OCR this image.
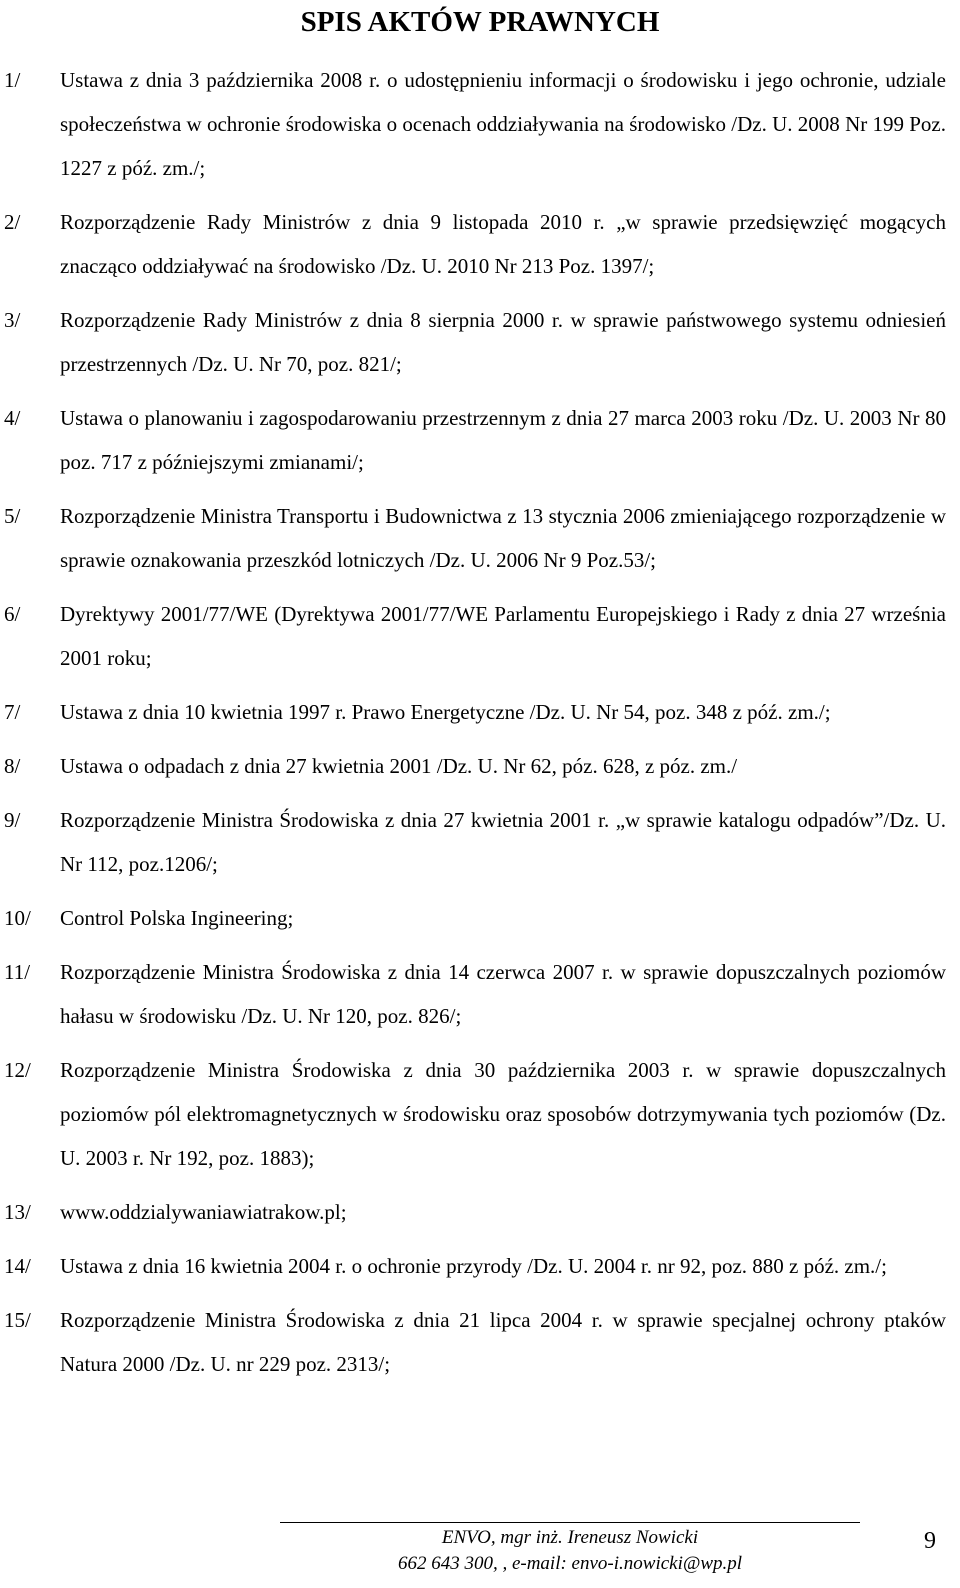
SPIS AKTÓW PRAWNYCH
1/ Ustawa z dnia 3 października 2008 r. o udostępnieniu informacji o środowisku i jego ochronie, udziale społeczeństwa w ochronie środowiska o ocenach oddziaływania na środowisko /Dz. U. 2008 Nr 199 Poz. 1227 z póź. zm./;
2/ Rozporządzenie Rady Ministrów z dnia 9 listopada 2010 r. „w sprawie przedsięwzięć mogących znacząco oddziaływać na środowisko /Dz. U. 2010 Nr 213 Poz. 1397/;
3/ Rozporządzenie Rady Ministrów z dnia 8 sierpnia 2000 r. w sprawie państwowego systemu odniesień przestrzennych /Dz. U. Nr 70, poz. 821/;
4/ Ustawa o planowaniu i zagospodarowaniu przestrzennym z dnia 27 marca 2003 roku /Dz. U. 2003 Nr 80 poz. 717 z późniejszymi zmianami/;
5/ Rozporządzenie Ministra Transportu i Budownictwa z 13 stycznia 2006 zmieniającego rozporządzenie w sprawie oznakowania przeszkód lotniczych /Dz. U. 2006 Nr 9 Poz.53/;
6/ Dyrektywy 2001/77/WE (Dyrektywa 2001/77/WE Parlamentu Europejskiego i Rady z dnia 27 września 2001 roku;
7/ Ustawa z dnia 10 kwietnia 1997 r. Prawo Energetyczne /Dz. U. Nr 54, poz. 348 z póź. zm./;
8/ Ustawa o odpadach z dnia 27 kwietnia 2001 /Dz. U. Nr 62, póz. 628, z póz. zm./
9/ Rozporządzenie Ministra Środowiska z dnia 27 kwietnia 2001 r. „w sprawie katalogu odpadów”/Dz. U. Nr 112, poz.1206/;
10/ Control Polska Ingineering;
11/ Rozporządzenie Ministra Środowiska z dnia 14 czerwca 2007 r. w sprawie dopuszczalnych poziomów hałasu w środowisku /Dz. U. Nr 120, poz. 826/;
12/ Rozporządzenie Ministra Środowiska z dnia 30 października 2003 r. w sprawie dopuszczalnych poziomów pól elektromagnetycznych w środowisku oraz sposobów dotrzymywania tych poziomów (Dz. U. 2003 r. Nr 192, poz. 1883);
13/ www.oddzialywaniawiatrakow.pl;
14/ Ustawa z dnia 16 kwietnia 2004 r. o ochronie przyrody /Dz. U. 2004 r. nr 92, poz. 880 z póź. zm./;
15/ Rozporządzenie Ministra Środowiska z dnia 21 lipca 2004 r. w sprawie specjalnej ochrony ptaków Natura 2000 /Dz. U. nr 229 poz. 2313/;
ENVO, mgr inż. Ireneusz Nowicki
662 643 300, , e-mail: envo-i.nowicki@wp.pl
9
